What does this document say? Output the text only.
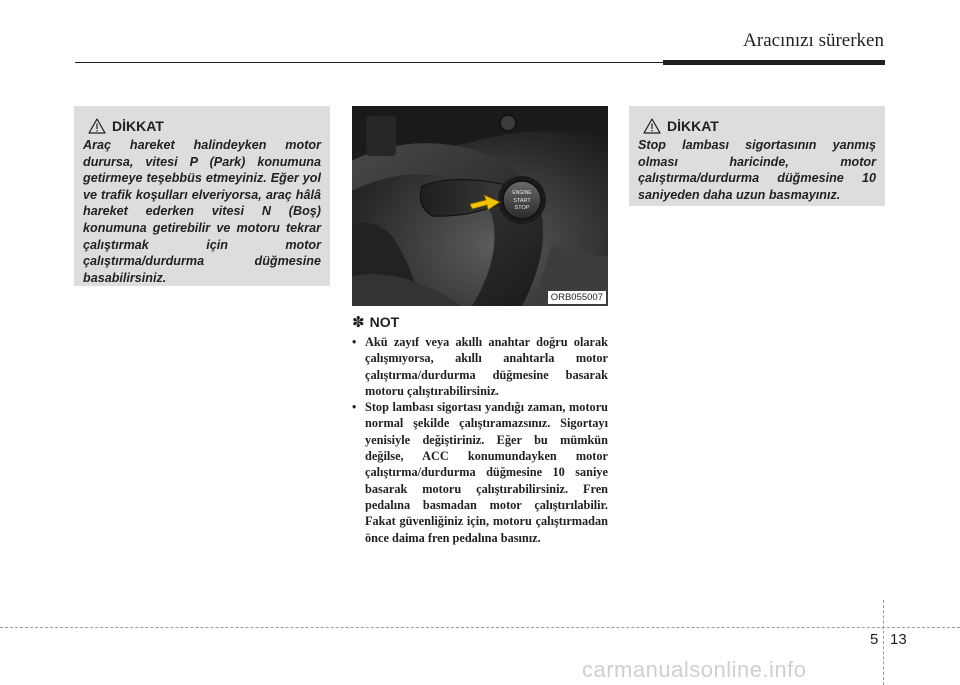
Aracınızı sürerken
DİKKAT
Araç hareket halindeyken motor durursa, vitesi P (Park) konumuna getirmeye teşebbüs etmeyiniz. Eğer yol ve trafik koşulları elveriyorsa, araç hâlâ hareket ederken vitesi N (Boş) konumuna getirebilir ve motoru tekrar çalıştırmak için motor çalıştırma/durdurma düğmesine basabilirsiniz.
ENGINE
START
STOP
ORB055007
DİKKAT
Stop lambası sigortasının yanmış olması haricinde, motor çalıştırma/durdurma düğmesine 10 saniyeden daha uzun basmayınız.
✽ NOT
• Akü zayıf veya akıllı anahtar doğru olarak çalışmıyorsa, akıllı anahtarla motor çalıştırma/durdurma düğmesine basarak motoru çalıştırabilirsiniz.
• Stop lambası sigortası yandığı zaman, motoru normal şekilde çalıştıramazsınız. Sigortayı yenisiyle değiştiriniz. Eğer bu mümkün değilse, ACC konumundayken motor çalıştırma/durdurma düğmesine 10 saniye basarak motoru çalıştırabilirsiniz. Fren pedalına basmadan motor çalıştırılabilir. Fakat güvenliğiniz için, motoru çalıştırmadan önce daima fren pedalına basınız.
5 13
carmanualsonline.info
